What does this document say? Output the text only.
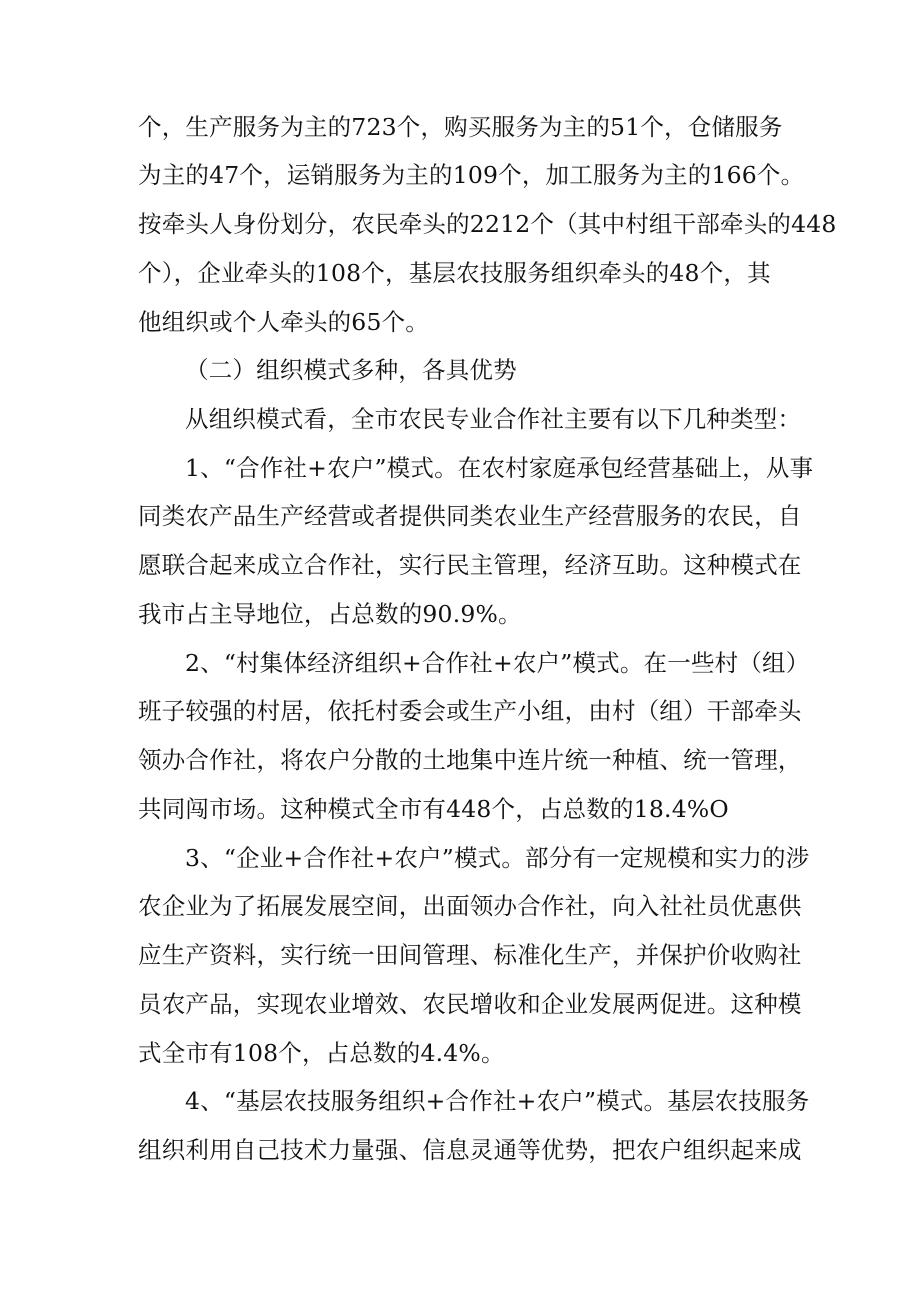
个，生产服务为主的723个，购买服务为主的51个，仓储服务
为主的47个，运销服务为主的109个，加工服务为主的166个。
按牵头人身份划分，农民牵头的2212个（其中村组干部牵头的448
个），企业牵头的108个，基层农技服务组织牵头的48个，其
他组织或个人牵头的65个。
（二）组织模式多种，各具优势
从组织模式看，全市农民专业合作社主要有以下几种类型：
1、“合作社+农户”模式。在农村家庭承包经营基础上，从事
同类农产品生产经营或者提供同类农业生产经营服务的农民，自
愿联合起来成立合作社，实行民主管理，经济互助。这种模式在
我市占主导地位，占总数的90.9%。
2、“村集体经济组织+合作社+农户”模式。在一些村（组）
班子较强的村居，依托村委会或生产小组，由村（组）干部牵头
领办合作社，将农户分散的土地集中连片统一种植、统一管理，
共同闯市场。这种模式全市有448个，占总数的18.4%O
3、“企业+合作社+农户”模式。部分有一定规模和实力的涉
农企业为了拓展发展空间，出面领办合作社，向入社社员优惠供
应生产资料，实行统一田间管理、标准化生产，并保护价收购社
员农产品，实现农业增效、农民增收和企业发展两促进。这种模
式全市有108个，占总数的4.4%。
4、“基层农技服务组织+合作社+农户”模式。基层农技服务
组织利用自己技术力量强、信息灵通等优势，把农户组织起来成
